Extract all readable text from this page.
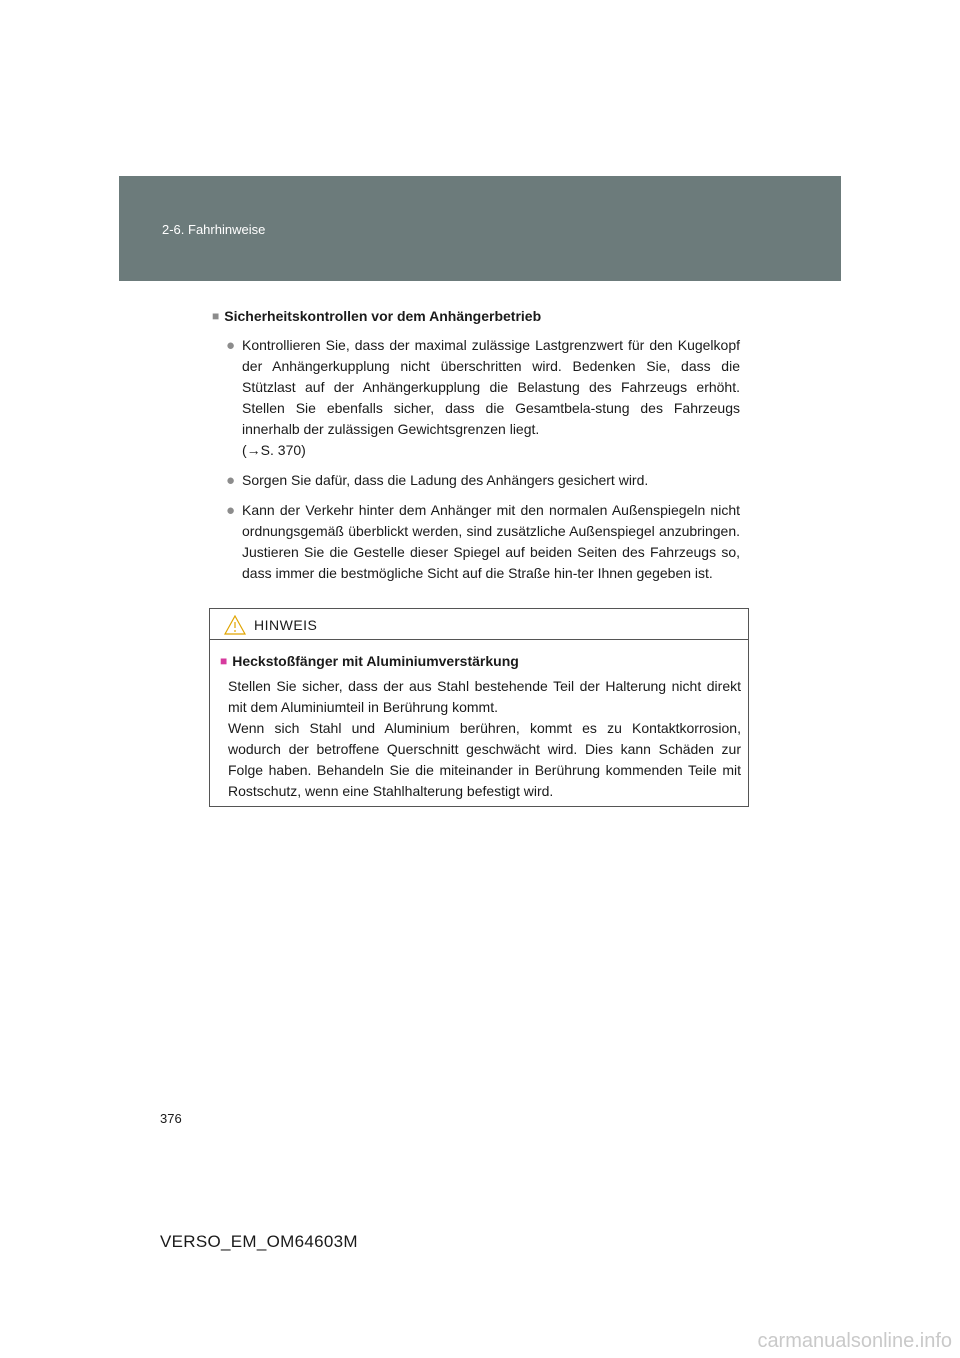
2-6. Fahrhinweise
■ Sicherheitskontrollen vor dem Anhängerbetrieb
● Kontrollieren Sie, dass der maximal zulässige Lastgrenzwert für den Kugelkopf der Anhängerkupplung nicht überschritten wird. Bedenken Sie, dass die Stützlast auf der Anhängerkupplung die Belastung des Fahrzeugs erhöht. Stellen Sie ebenfalls sicher, dass die Gesamtbela-stung des Fahrzeugs innerhalb der zulässigen Gewichtsgrenzen liegt.
(→S. 370)
● Sorgen Sie dafür, dass die Ladung des Anhängers gesichert wird.
● Kann der Verkehr hinter dem Anhänger mit den normalen Außenspiegeln nicht ordnungsgemäß überblickt werden, sind zusätzliche Außenspiegel anzubringen. Justieren Sie die Gestelle dieser Spiegel auf beiden Seiten des Fahrzeugs so, dass immer die bestmögliche Sicht auf die Straße hin-ter Ihnen gegeben ist.
HINWEIS
■ Heckstoßfänger mit Aluminiumverstärkung
Stellen Sie sicher, dass der aus Stahl bestehende Teil der Halterung nicht direkt mit dem Aluminiumteil in Berührung kommt.
Wenn sich Stahl und Aluminium berühren, kommt es zu Kontaktkorrosion, wodurch der betroffene Querschnitt geschwächt wird. Dies kann Schäden zur Folge haben. Behandeln Sie die miteinander in Berührung kommenden Teile mit Rostschutz, wenn eine Stahlhalterung befestigt wird.
376
VERSO_EM_OM64603M
carmanualsonline.info
